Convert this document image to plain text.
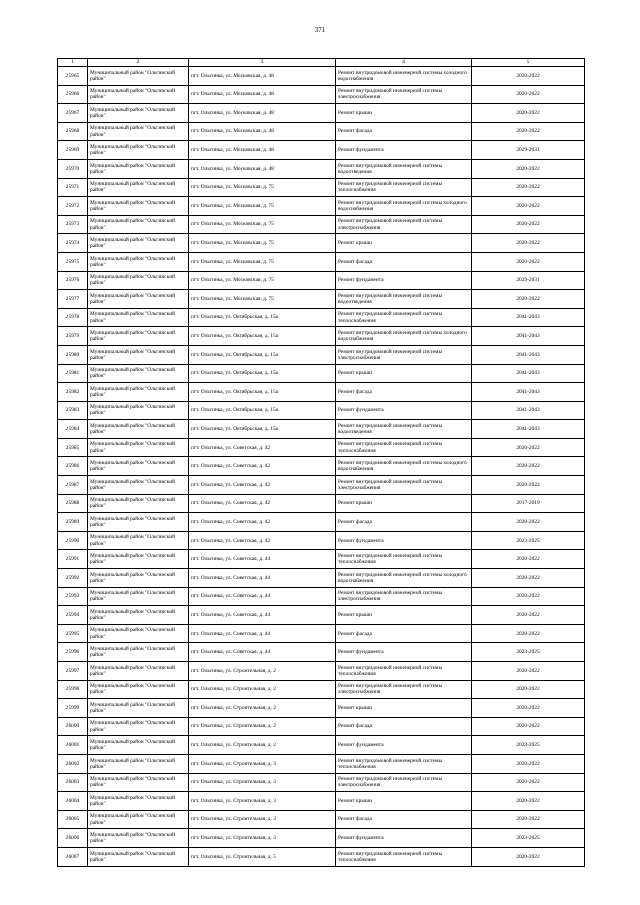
371
1	2	3	4	5
25965	Муниципальный район "Ольгинский район"	пгт. Ольгинка, ул. Московская, д. 48	Ремонт внутридомовой инженерной системы холодного водоснабжения	2020-2022
25966	Муниципальный район "Ольгинский район"	пгт. Ольгинка, ул. Московская, д. 48	Ремонт внутридомовой инженерной системы электроснабжения	2020-2022
25967	Муниципальный район "Ольгинский район"	пгт. Ольгинка, ул. Московская, д. 48	Ремонт крыши	2020-2022
25968	Муниципальный район "Ольгинский район"	пгт. Ольгинка, ул. Московская, д. 48	Ремонт фасада	2020-2022
25969	Муниципальный район "Ольгинский район"	пгт. Ольгинка, ул. Московская, д. 48	Ремонт фундамента	2029-2031
25970	Муниципальный район "Ольгинский район"	пгт. Ольгинка, ул. Московская, д. 48	Ремонт внутридомовой инженерной системы водоотведения	2020-2022
25971	Муниципальный район "Ольгинский район"	пгт. Ольгинка, ул. Московская, д. 75	Ремонт внутридомовой инженерной системы теплоснабжения	2020-2022
25972	Муниципальный район "Ольгинский район"	пгт. Ольгинка, ул. Московская, д. 75	Ремонт внутридомовой инженерной системы холодного водоснабжения	2020-2022
25973	Муниципальный район "Ольгинский район"	пгт. Ольгинка, ул. Московская, д. 75	Ремонт внутридомовой инженерной системы электроснабжения	2020-2022
25974	Муниципальный район "Ольгинский район"	пгт. Ольгинка, ул. Московская, д. 75	Ремонт крыши	2020-2022
25975	Муниципальный район "Ольгинский район"	пгт. Ольгинка, ул. Московская, д. 75	Ремонт фасада	2020-2022
25976	Муниципальный район "Ольгинский район"	пгт. Ольгинка, ул. Московская, д. 75	Ремонт фундамента	2029-2031
25977	Муниципальный район "Ольгинский район"	пгт. Ольгинка, ул. Московская, д. 75	Ремонт внутридомовой инженерной системы водоотведения	2020-2022
25978	Муниципальный район "Ольгинский район"	пгт. Ольгинка, ул. Октябрьская, д. 15а	Ремонт внутридомовой инженерной системы теплоснабжения	2041-2043
25979	Муниципальный район "Ольгинский район"	пгт. Ольгинка, ул. Октябрьская, д. 15а	Ремонт внутридомовой инженерной системы холодного водоснабжения	2041-2043
25980	Муниципальный район "Ольгинский район"	пгт. Ольгинка, ул. Октябрьская, д. 15а	Ремонт внутридомовой инженерной системы электроснабжения	2041-2043
25981	Муниципальный район "Ольгинский район"	пгт. Ольгинка, ул. Октябрьская, д. 15а	Ремонт крыши	2041-2043
25982	Муниципальный район "Ольгинский район"	пгт. Ольгинка, ул. Октябрьская, д. 15а	Ремонт фасада	2041-2043
25983	Муниципальный район "Ольгинский район"	пгт. Ольгинка, ул. Октябрьская, д. 15а	Ремонт фундамента	2041-2043
25984	Муниципальный район "Ольгинский район"	пгт. Ольгинка, ул. Октябрьская, д. 15а	Ремонт внутридомовой инженерной системы водоотведения	2041-2043
25985	Муниципальный район "Ольгинский район"	пгт. Ольгинка, ул. Советская, д. 42	Ремонт внутридомовой инженерной системы теплоснабжения	2020-2022
25986	Муниципальный район "Ольгинский район"	пгт. Ольгинка, ул. Советская, д. 42	Ремонт внутридомовой инженерной системы холодного водоснабжения	2020-2022
25987	Муниципальный район "Ольгинский район"	пгт. Ольгинка, ул. Советская, д. 42	Ремонт внутридомовой инженерной системы электроснабжения	2020-2022
25988	Муниципальный район "Ольгинский район"	пгт. Ольгинка, ул. Советская, д. 42	Ремонт крыши	2017-2019
25989	Муниципальный район "Ольгинский район"	пгт. Ольгинка, ул. Советская, д. 42	Ремонт фасада	2020-2022
25990	Муниципальный район "Ольгинский район"	пгт. Ольгинка, ул. Советская, д. 42	Ремонт фундамента	2023-2025
25991	Муниципальный район "Ольгинский район"	пгт. Ольгинка, ул. Советская, д. 44	Ремонт внутридомовой инженерной системы теплоснабжения	2020-2022
25992	Муниципальный район "Ольгинский район"	пгт. Ольгинка, ул. Советская, д. 44	Ремонт внутридомовой инженерной системы холодного водоснабжения	2020-2022
25993	Муниципальный район "Ольгинский район"	пгт. Ольгинка, ул. Советская, д. 44	Ремонт внутридомовой инженерной системы электроснабжения	2020-2022
25994	Муниципальный район "Ольгинский район"	пгт. Ольгинка, ул. Советская, д. 44	Ремонт крыши	2020-2022
25995	Муниципальный район "Ольгинский район"	пгт. Ольгинка, ул. Советская, д. 44	Ремонт фасада	2020-2022
25996	Муниципальный район "Ольгинский район"	пгт. Ольгинка, ул. Советская, д. 44	Ремонт фундамента	2023-2025
25997	Муниципальный район "Ольгинский район"	пгт. Ольгинка, ул. Строительная, д. 2	Ремонт внутридомовой инженерной системы теплоснабжения	2020-2022
25998	Муниципальный район "Ольгинский район"	пгт. Ольгинка, ул. Строительная, д. 2	Ремонт внутридомовой инженерной системы электроснабжения	2020-2022
25999	Муниципальный район "Ольгинский район"	пгт. Ольгинка, ул. Строительная, д. 2	Ремонт крыши	2020-2022
26000	Муниципальный район "Ольгинский район"	пгт. Ольгинка, ул. Строительная, д. 2	Ремонт фасада	2020-2022
26001	Муниципальный район "Ольгинский район"	пгт. Ольгинка, ул. Строительная, д. 2	Ремонт фундамента	2023-2025
26002	Муниципальный район "Ольгинский район"	пгт. Ольгинка, ул. Строительная, д. 3	Ремонт внутридомовой инженерной системы теплоснабжения	2020-2022
26003	Муниципальный район "Ольгинский район"	пгт. Ольгинка, ул. Строительная, д. 3	Ремонт внутридомовой инженерной системы электроснабжения	2020-2022
26004	Муниципальный район "Ольгинский район"	пгт. Ольгинка, ул. Строительная, д. 3	Ремонт крыши	2020-2022
26005	Муниципальный район "Ольгинский район"	пгт. Ольгинка, ул. Строительная, д. 3	Ремонт фасада	2020-2022
26006	Муниципальный район "Ольгинский район"	пгт. Ольгинка, ул. Строительная, д. 3	Ремонт фундамента	2023-2025
26007	Муниципальный район "Ольгинский район"	пгт. Ольгинка, ул. Строительная, д. 5	Ремонт внутридомовой инженерной системы теплоснабжения	2020-2022
